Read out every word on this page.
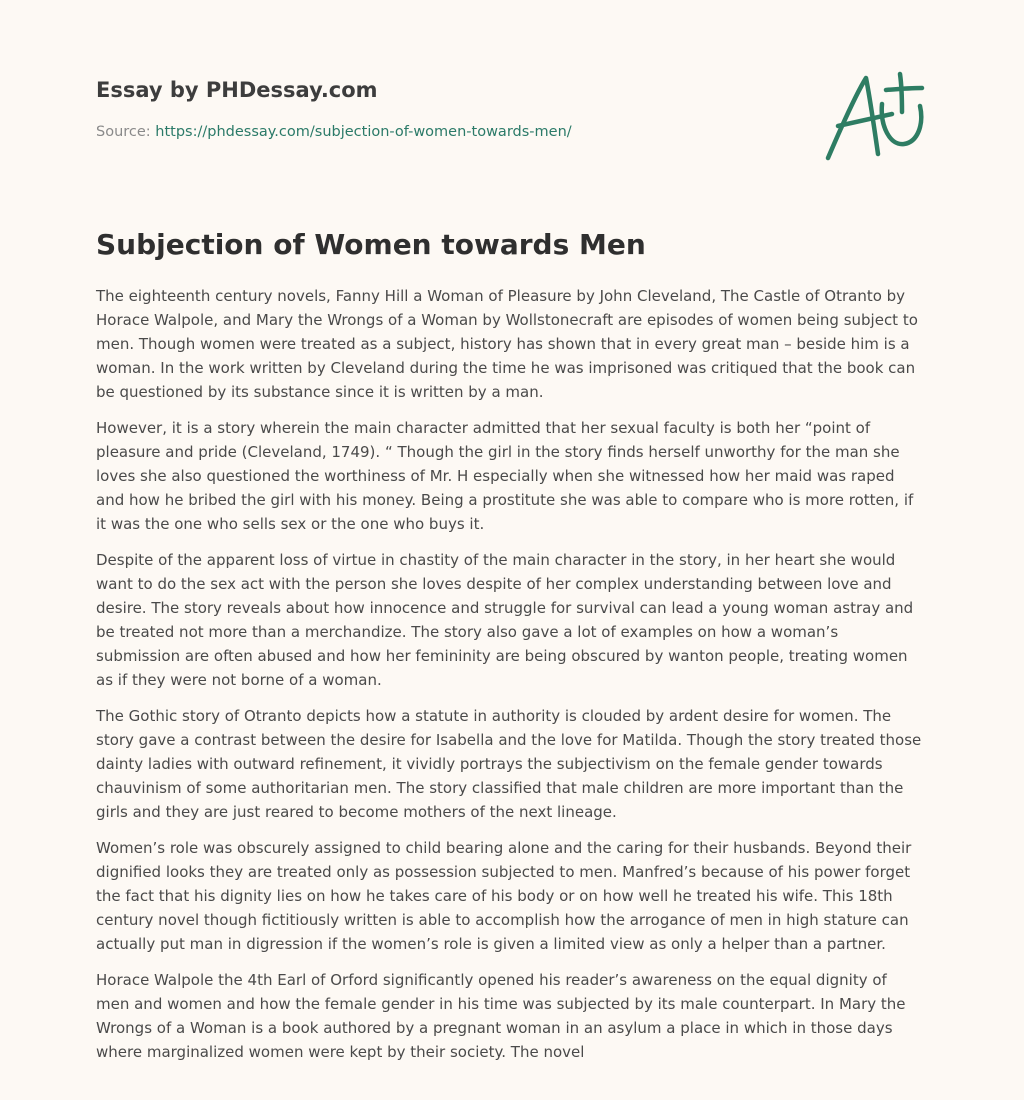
Essay by PHDessay.com
Source: https://phdessay.com/subjection-of-women-towards-men/
Subjection of Women towards Men

The eighteenth century novels, Fanny Hill a Woman of Pleasure by John Cleveland, The Castle of Otranto by Horace Walpole, and Mary the Wrongs of a Woman by Wollstonecraft are episodes of women being subject to men. Though women were treated as a subject, history has shown that in every great man – beside him is a woman. In the work written by Cleveland during the time he was imprisoned was critiqued that the book can be questioned by its substance since it is written by a man.

However, it is a story wherein the main character admitted that her sexual faculty is both her “point of pleasure and pride (Cleveland, 1749). “ Though the girl in the story finds herself unworthy for the man she loves she also questioned the worthiness of Mr. H especially when she witnessed how her maid was raped and how he bribed the girl with his money. Being a prostitute she was able to compare who is more rotten, if it was the one who sells sex or the one who buys it.

Despite of the apparent loss of virtue in chastity of the main character in the story, in her heart she would want to do the sex act with the person she loves despite of her complex understanding between love and desire. The story reveals about how innocence and struggle for survival can lead a young woman astray and be treated not more than a merchandize. The story also gave a lot of examples on how a woman’s submission are often abused and how her femininity are being obscured by wanton people, treating women as if they were not borne of a woman.

The Gothic story of Otranto depicts how a statute in authority is clouded by ardent desire for women. The story gave a contrast between the desire for Isabella and the love for Matilda. Though the story treated those dainty ladies with outward refinement, it vividly portrays the subjectivism on the female gender towards chauvinism of some authoritarian men. The story classified that male children are more important than the girls and they are just reared to become mothers of the next lineage.

Women’s role was obscurely assigned to child bearing alone and the caring for their husbands. Beyond their dignified looks they are treated only as possession subjected to men. Manfred’s because of his power forget the fact that his dignity lies on how he takes care of his body or on how well he treated his wife. This 18th century novel though fictitiously written is able to accomplish how the arrogance of men in high stature can actually put man in digression if the women’s role is given a limited view as only a helper than a partner.

Horace Walpole the 4th Earl of Orford significantly opened his reader’s awareness on the equal dignity of men and women and how the female gender in his time was subjected by its male counterpart. In Mary the Wrongs of a Woman is a book authored by a pregnant woman in an asylum a place in which in those days where marginalized women were kept by their society. The novel
